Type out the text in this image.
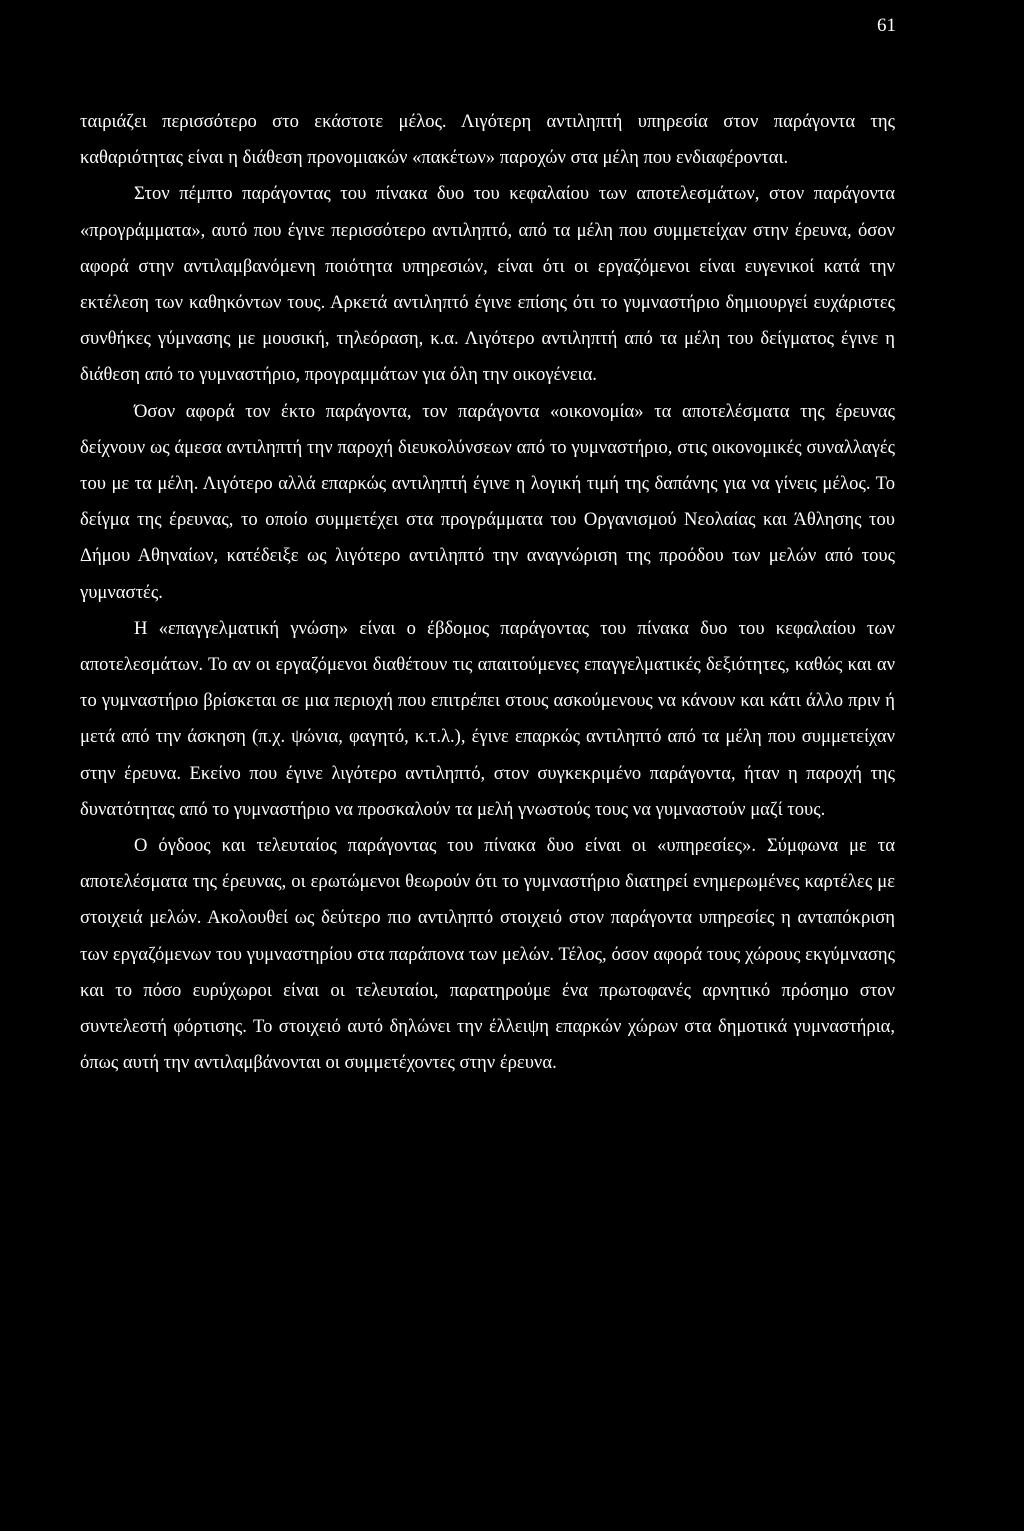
61

ταιριάζει περισσότερο στο εκάστοτε μέλος. Λιγότερη αντιληπτή υπηρεσία στον παράγοντα της καθαριότητας είναι η διάθεση προνομιακών «πακέτων» παροχών στα μέλη που ενδιαφέρονται.

Στον πέμπτο παράγοντας του πίνακα δυο του κεφαλαίου των αποτελεσμάτων, στον παράγοντα «προγράμματα», αυτό που έγινε περισσότερο αντιληπτό, από τα μέλη που συμμετείχαν στην έρευνα, όσον αφορά στην αντιλαμβανόμενη ποιότητα υπηρεσιών, είναι ότι οι εργαζόμενοι είναι ευγενικοί κατά την εκτέλεση των καθηκόντων τους. Αρκετά αντιληπτό έγινε επίσης ότι το γυμναστήριο δημιουργεί ευχάριστες συνθήκες γύμνασης με μουσική, τηλεόραση, κ.α. Λιγότερο αντιληπτή από τα μέλη του δείγματος έγινε η διάθεση από το γυμναστήριο, προγραμμάτων για όλη την οικογένεια.

Όσον αφορά τον έκτο παράγοντα, τον παράγοντα «οικονομία» τα αποτελέσματα της έρευνας δείχνουν ως άμεσα αντιληπτή την παροχή διευκολύνσεων από το γυμναστήριο, στις οικονομικές συναλλαγές του με τα μέλη. Λιγότερο αλλά επαρκώς αντιληπτή έγινε η λογική τιμή της δαπάνης για να γίνεις μέλος. Το δείγμα της έρευνας, το οποίο συμμετέχει στα προγράμματα του Οργανισμού Νεολαίας και Άθλησης του Δήμου Αθηναίων, κατέδειξε ως λιγότερο αντιληπτό την αναγνώριση της προόδου των μελών από τους γυμναστές.

Η «επαγγελματική γνώση» είναι ο έβδομος παράγοντας του πίνακα δυο του κεφαλαίου των αποτελεσμάτων. Το αν οι εργαζόμενοι διαθέτουν τις απαιτούμενες επαγγελματικές δεξιότητες, καθώς και αν το γυμναστήριο βρίσκεται σε μια περιοχή που επιτρέπει στους ασκούμενους να κάνουν και κάτι άλλο πριν ή μετά από την άσκηση (π.χ. ψώνια, φαγητό, κ.τ.λ.), έγινε επαρκώς αντιληπτό από τα μέλη που συμμετείχαν στην έρευνα. Εκείνο που έγινε λιγότερο αντιληπτό, στον συγκεκριμένο παράγοντα, ήταν η παροχή της δυνατότητας από το γυμναστήριο να προσκαλούν τα μελή γνωστούς τους να γυμναστούν μαζί τους.

Ο όγδοος και τελευταίος παράγοντας του πίνακα δυο είναι οι «υπηρεσίες». Σύμφωνα με τα αποτελέσματα της έρευνας, οι ερωτώμενοι θεωρούν ότι το γυμναστήριο διατηρεί ενημερωμένες καρτέλες με στοιχειά μελών. Ακολουθεί ως δεύτερο πιο αντιληπτό στοιχειό στον παράγοντα υπηρεσίες η ανταπόκριση των εργαζόμενων του γυμναστηρίου στα παράπονα των μελών. Τέλος, όσον αφορά τους χώρους εκγύμνασης και το πόσο ευρύχωροι είναι οι τελευταίοι, παρατηρούμε ένα πρωτοφανές αρνητικό πρόσημο στον συντελεστή φόρτισης. Το στοιχειό αυτό δηλώνει την έλλειψη επαρκών χώρων στα δημοτικά γυμναστήρια, όπως αυτή την αντιλαμβάνονται οι συμμετέχοντες στην έρευνα.
